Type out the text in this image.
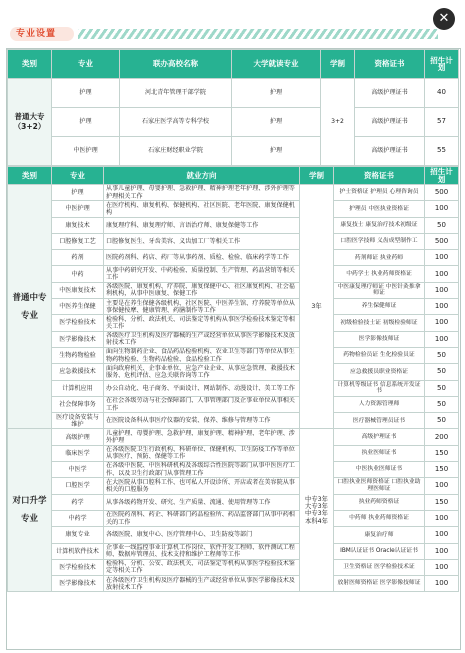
✕
专业设置
类别	专业	联办高校名称	大学就读专业	学制	资格证书	招生计划
普通大专（3+2）	护理	河北青年管理干部学院	护理	3+2	高级护理证书	40
	护理	石家庄医学高等专科学校	护理		高级护理证书	57
	中医护理	石家庄财经职业学院	护理		高级护理证书	55
类别	专业	就业方向	学制	资格证书	招生计划
普通中专专业	护理	从事儿童护理、母婴护理、急救护理、精神护理老年护理、涉外护理等护理相关工作	3年	护士资格证 护理员 心理咨询员	500
	中医护理	在医疗机构、康复机构、保健机构、社区医院、老年医院、康复保健机构		护理员 中医执业资格证	100
	康复技术	康复理疗科、康复理疗师、言语治疗师、康复保健等工作		康复技士 康复治疗技术初级证	50
	口腔修复工艺	口腔修复医生、牙齿美容、义齿加工厂等相关工作		口腔医学技师 义齿成型制作工	500
	药剂	医院药剂科、药店、药厂等从事药剂、质检、检验、临床药学等工作		药剂师证 执业药师	100
	中药	从事中药研究开发、中药检验、质量控制、生产管理、药品营销等相关工作		中药学士 执业药师资格证	100
	中医康复技术	各级医院、康复机构、疗养院、康复保健中心、社区康复机构、社会福利机构，从事中医康复、保健工作		中医康复理疗师证 中医针灸推拿师证	100
	中医养生保健	主要是在养生保健各级机构、社区医院、中医养生馆、疗养院等单位从事保健按摩、健康管理、药膳制作等工作		养生保健师证	100
	医学检验技术	检验科、分析、政法机关、司法鉴定等机构从事医学检验技术鉴定等相关工作		初级检验技士证 初级检验师证	100
	医学影像技术	各级医疗卫生机构及医疗器械的生产或经营单位从事医学影像技术及放射技术工作		医学影像技师证	100
	生物药物检验	面向生物制药企业、食品药品检验机构、农业卫生等部门等单位从事生物药物检验、生物药品检验、食品检验工作		药物检验员证 生化检验员证	50
	应急救援技术	面向政府机关、企事业单位、应急产业企业、从事应急管理、救援技术服务、危机评估、应急关联咨询等工作		应急救援员职业资格证	50
	计算机应用	办公自动化、电子商务、平面设计、网站制作、动漫设计、美工等工作		计算机等级证书 信息系统开发证书	50
	社会保障事务	在社会各级劳动与社会保障部门、人事管理部门及企事业单位从事相关工作		人力资源管理师	50
	医疗设备安装与维护	在医院设备科从事医疗仪器的安装、保养、维修与管理等工作		医疗器械管理员证书	50
对口升学专业	高级护理	儿童护理、母婴护理、急救护理、康复护理、精神护理、老年护理、涉外护理	中专3年 大专3年 中专3年 本科4年	高级护理证书	200
	临床医学	在各级医院卫生行政机构、科研单位、保健机构、卫生防疫工作等单位从事医疗、预防、保健等工作		执业医师证书	150
	中医学	在各级中医院、中医科研机构及各级综合性医院等部门从事中医医疗工作、以及卫生行政部门从事管理工作		中医执业医师证书	150
	口腔医学	在大医院从事口腔科工作、也可私人开设诊所、开店或者在美容院从事相关的口腔服务		口腔执业医师资格证 口腔执业助理医师证	100
	药学	从事各级药物开发、研究、生产质量、流通、使用管理等工作		执业药师资格证	150
	中药学	在医院药剂科、药企、科研部门药品检验所、药品监督部门从事中药相关的工作		中药师 执业药师资格证	100
	康复专业	各级医院、康复中心、医疗管理中心、卫生防疫等部门		康复治疗师	100
	计算机软件技术	企事业一线监控事业计算机工作岗位、软件开发工程师、软件测试工程师、数据库管理员、技术支持和维护工程师等工作		IBM认证证书 Oracle认证证书	100
	医学检验技术	检验科、分析、公安、政法机关、司法鉴定等机构从事医学检验技术鉴定等相关工作		卫生资格证 医学检验技术证	100
	医学影像技术	在各级医疗卫生机构及医疗器械的生产或经营单位从事医学影像技术及放射技术工作		放射医师资格证 医学影像技师证	100
